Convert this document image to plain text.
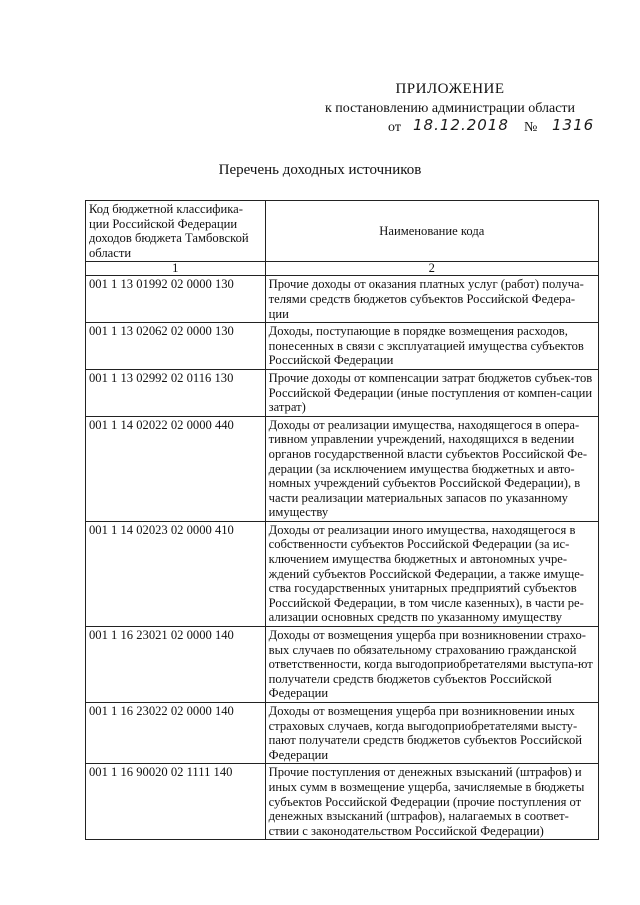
ПРИЛОЖЕНИЕ
к постановлению администрации области
от 18.12.2018 № 1316
Перечень доходных источников
Код бюджетной классифика-ции Российской Федерации доходов бюджета Тамбовской области	Наименование кода
1	2
001 1 13 01992 02 0000 130	Прочие доходы от оказания платных услуг (работ) получа-телями средств бюджетов субъектов Российской Федера-ции
001 1 13 02062 02 0000 130	Доходы, поступающие в порядке возмещения расходов, понесенных в связи с эксплуатацией имущества субъектов Российской Федерации
001 1 13 02992 02 0116 130	Прочие доходы от компенсации затрат бюджетов субъек-тов Российской Федерации (иные поступления от компен-сации затрат)
001 1 14 02022 02 0000 440	Доходы от реализации имущества, находящегося в опера-тивном управлении учреждений, находящихся в ведении органов государственной власти субъектов Российской Фе-дерации (за исключением имущества бюджетных и авто-номных учреждений субъектов Российской Федерации), в части реализации материальных запасов по указанному имуществу
001 1 14 02023 02 0000 410	Доходы от реализации иного имущества, находящегося в собственности субъектов Российской Федерации (за ис-ключением имущества бюджетных и автономных учре-ждений субъектов Российской Федерации, а также имуще-ства государственных унитарных предприятий субъектов Российской Федерации, в том числе казенных), в части ре-ализации основных средств по указанному имуществу
001 1 16 23021 02 0000 140	Доходы от возмещения ущерба при возникновении страхо-вых случаев по обязательному страхованию гражданской ответственности, когда выгодоприобретателями выступа-ют получатели средств бюджетов субъектов Российской Федерации
001 1 16 23022 02 0000 140	Доходы от возмещения ущерба при возникновении иных страховых случаев, когда выгодоприобретателями высту-пают получатели средств бюджетов субъектов Российской Федерации
001 1 16 90020 02 1111 140	Прочие поступления от денежных взысканий (штрафов) и иных сумм в возмещение ущерба, зачисляемые в бюджеты субъектов Российской Федерации (прочие поступления от денежных взысканий (штрафов), налагаемых в соответ-ствии с законодательством Российской Федерации)
